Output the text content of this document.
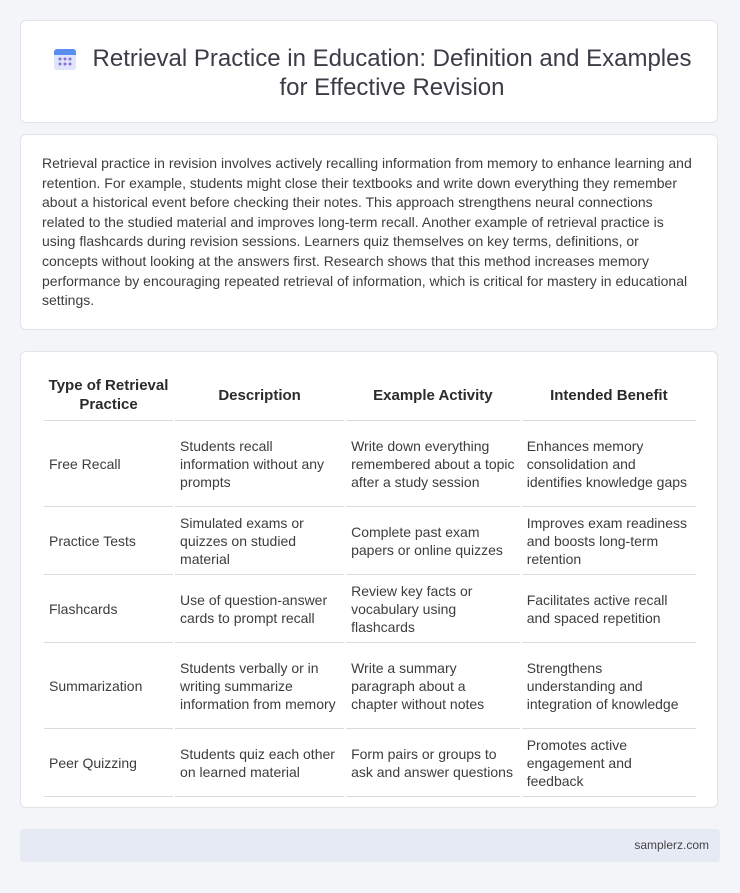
Retrieval Practice in Education: Definition and Examples for Effective Revision
Retrieval practice in revision involves actively recalling information from memory to enhance learning and retention. For example, students might close their textbooks and write down everything they remember about a historical event before checking their notes. This approach strengthens neural connections related to the studied material and improves long-term recall. Another example of retrieval practice is using flashcards during revision sessions. Learners quiz themselves on key terms, definitions, or concepts without looking at the answers first. Research shows that this method increases memory performance by encouraging repeated retrieval of information, which is critical for mastery in educational settings.
Type of Retrieval Practice	Description	Example Activity	Intended Benefit
Free Recall	Students recall information without any prompts	Write down everything remembered about a topic after a study session	Enhances memory consolidation and identifies knowledge gaps
Practice Tests	Simulated exams or quizzes on studied material	Complete past exam papers or online quizzes	Improves exam readiness and boosts long-term retention
Flashcards	Use of question-answer cards to prompt recall	Review key facts or vocabulary using flashcards	Facilitates active recall and spaced repetition
Summarization	Students verbally or in writing summarize information from memory	Write a summary paragraph about a chapter without notes	Strengthens understanding and integration of knowledge
Peer Quizzing	Students quiz each other on learned material	Form pairs or groups to ask and answer questions	Promotes active engagement and feedback
samplerz.com
